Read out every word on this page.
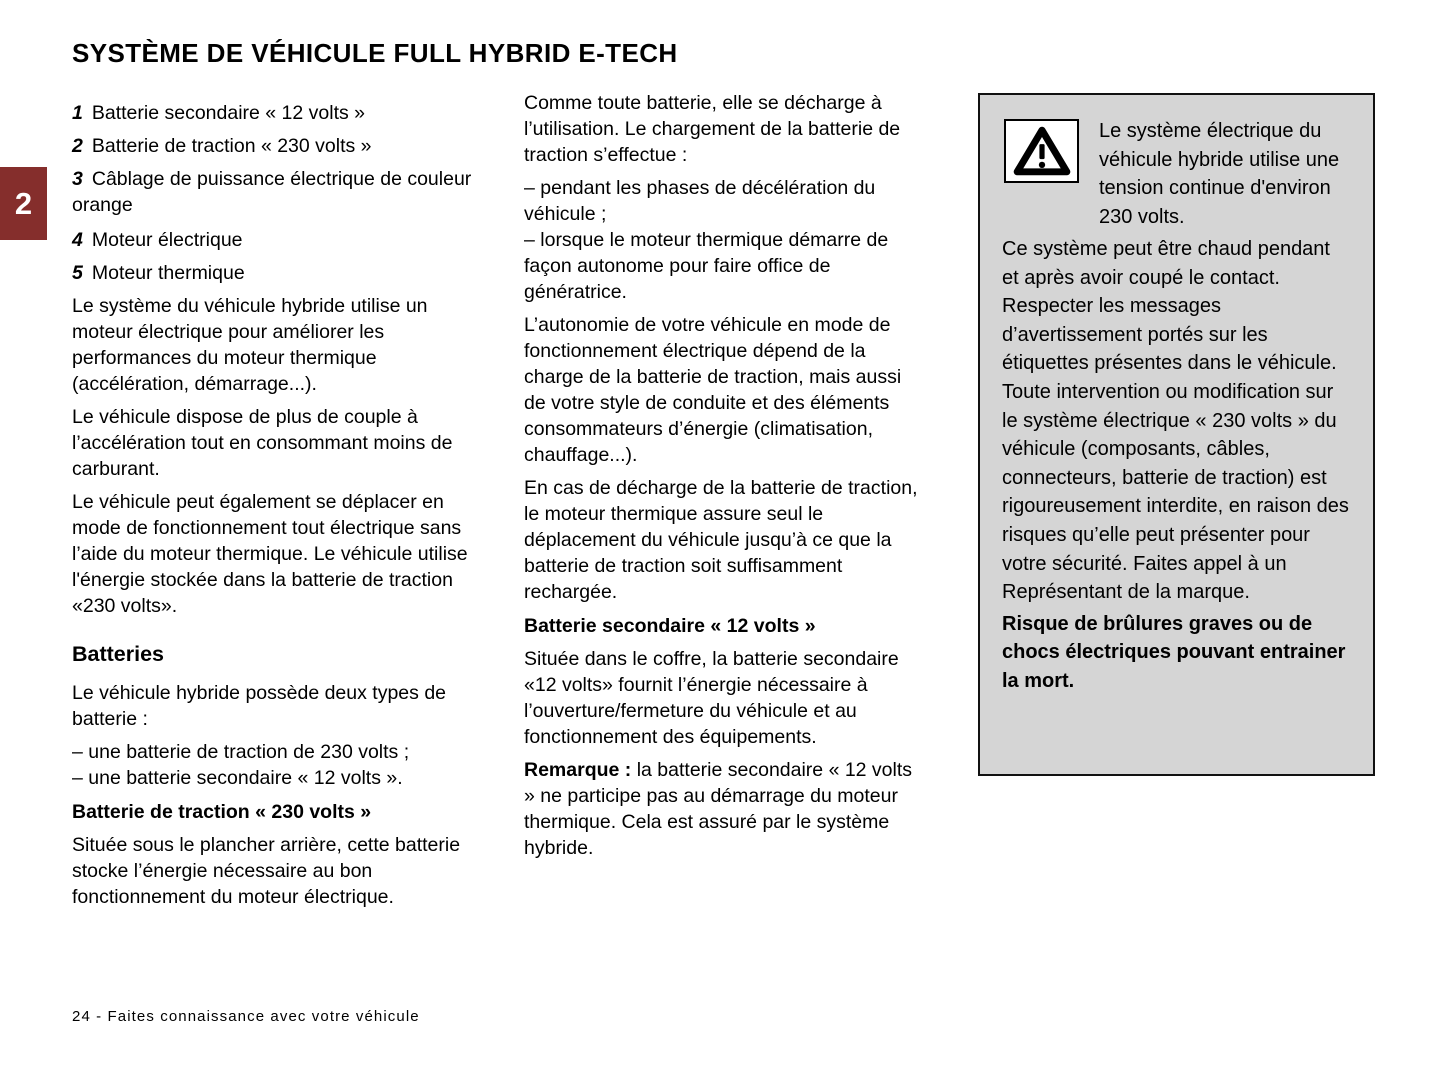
SYSTÈME DE VÉHICULE FULL HYBRID E-TECH
2

1 Batterie secondaire « 12 volts »

2 Batterie de traction « 230 volts »

3 Câblage de puissance électrique de couleur orange

4 Moteur électrique

5 Moteur thermique

Le système du véhicule hybride utilise un moteur électrique pour améliorer les performances du moteur thermique (accélération, démarrage...).

Le véhicule dispose de plus de couple à l’accélération tout en consommant moins de carburant.

Le véhicule peut également se déplacer en mode de fonctionnement tout électrique sans l’aide du moteur thermique. Le véhicule utilise l'énergie stockée dans la batterie de traction «230 volts».

Batteries

Le véhicule hybride possède deux types de batterie :

– une batterie de traction de 230 volts ;

– une batterie secondaire « 12 volts ».

Batterie de traction « 230 volts »

Située sous le plancher arrière, cette batterie stocke l’énergie nécessaire au bon fonctionnement du moteur électrique.

Comme toute batterie, elle se décharge à l’utilisation. Le chargement de la batterie de traction s’effectue :

– pendant les phases de décélération du véhicule ;

– lorsque le moteur thermique démarre de façon autonome pour faire office de génératrice.

L’autonomie de votre véhicule en mode de fonctionnement électrique dépend de la charge de la batterie de traction, mais aussi de votre style de conduite et des éléments consommateurs d’énergie (climatisation, chauffage...).

En cas de décharge de la batterie de traction, le moteur thermique assure seul le déplacement du véhicule jusqu’à ce que la batterie de traction soit suffisamment rechargée.

Batterie secondaire « 12 volts »

Située dans le coffre, la batterie secondaire «12 volts» fournit l’énergie nécessaire à l’ouverture/fermeture du véhicule et au fonctionnement des équipements.

Remarque : la batterie secondaire « 12 volts » ne participe pas au démarrage du moteur thermique. Cela est assuré par le système hybride.

Le système électrique du véhicule hybride utilise une tension continue d'environ 230 volts.

Ce système peut être chaud pendant et après avoir coupé le contact. Respecter les messages d’avertissement portés sur les étiquettes présentes dans le véhicule.

Toute intervention ou modification sur le système électrique « 230 volts » du véhicule (composants, câbles, connecteurs, batterie de traction) est rigoureusement interdite, en raison des risques qu’elle peut présenter pour votre sécurité. Faites appel à un Représentant de la marque.

Risque de brûlures graves ou de chocs électriques pouvant entrainer la mort.

24 - Faites connaissance avec votre véhicule
